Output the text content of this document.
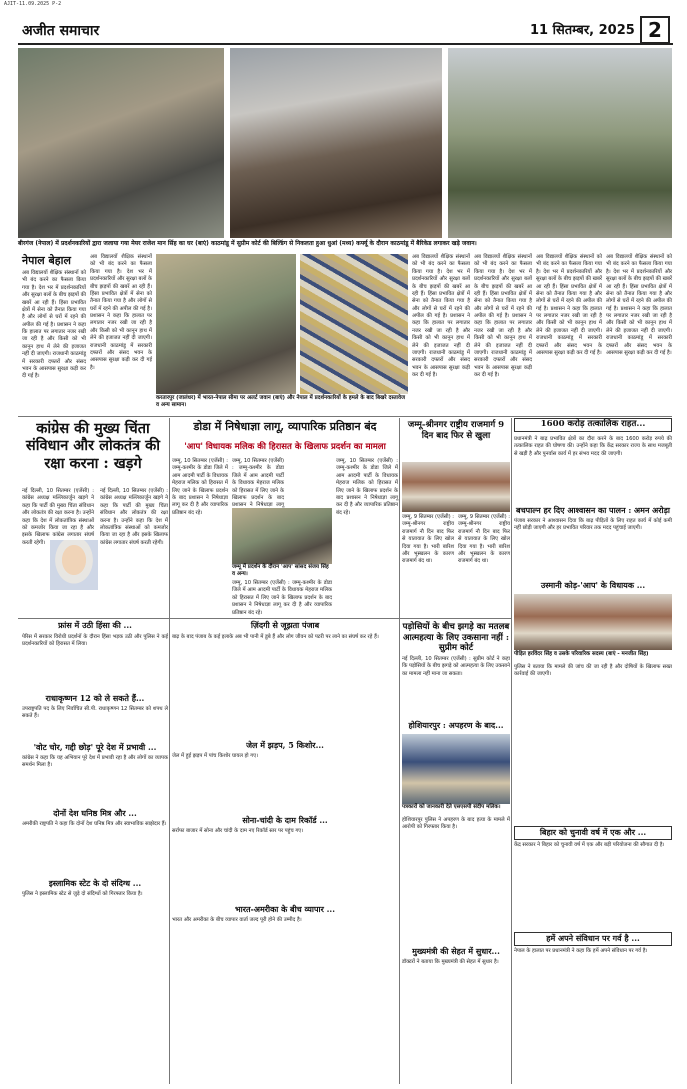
AJIT-11.09.2025 P-2
अजीत समाचार	11 सितम्बर, 2025 2
बीरगंज (नेपाल) में प्रदर्शनकारियों द्वारा जलाया गया मेयर राजेश मान सिंह का घर (बाएं) काठमांडू में सुप्रीम कोर्ट की बिल्डिंग से निकलता हुआ धुआं (मध्य) कर्फ्यू के दौरान काठमांडू में बैरिकेड लगाकर खड़े जवान।
नेपाल बेहाल
अब विद्यालयों शैक्षिक संस्थानों को भी बंद करने का फैसला किया गया है। देश भर में प्रदर्शनकारियों और सुरक्षा बलों के बीच झड़पों की खबरें आ रही हैं। हिंसा प्रभावित क्षेत्रों में सेना को तैनात किया गया है और लोगों से घरों में रहने की अपील की गई है। प्रशासन ने कहा कि हालात पर लगातार नजर रखी जा रही है और किसी को भी कानून हाथ में लेने की इजाजत नहीं दी जाएगी। राजधानी काठमांडू में सरकारी दफ्तरों और संसद भवन के आसपास सुरक्षा कड़ी कर दी गई है।
अब विद्यालयों शैक्षिक संस्थानों को भी बंद करने का फैसला किया गया है। देश भर में प्रदर्शनकारियों और सुरक्षा बलों के बीच झड़पों की खबरें आ रही हैं। हिंसा प्रभावित क्षेत्रों में सेना को तैनात किया गया है और लोगों से घरों में रहने की अपील की गई है। प्रशासन ने कहा कि हालात पर लगातार नजर रखी जा रही है और किसी को भी कानून हाथ में लेने की इजाजत नहीं दी जाएगी। राजधानी काठमांडू में सरकारी दफ्तरों और संसद भवन के आसपास सुरक्षा कड़ी कर दी गई है।
करतारपुर (जालंधर) में भारत-नेपाल सीमा पर अलर्ट जवान (बाएं) और नेपाल में प्रदर्शनकारियों के हमले के बाद बिखरे दस्तावेज व अन्य सामान।
अब विद्यालयों शैक्षिक संस्थानों को भी बंद करने का फैसला किया गया है। देश भर में प्रदर्शनकारियों और सुरक्षा बलों के बीच झड़पों की खबरें आ रही हैं। हिंसा प्रभावित क्षेत्रों में सेना को तैनात किया गया है और लोगों से घरों में रहने की अपील की गई है। प्रशासन ने कहा कि हालात पर लगातार नजर रखी जा रही है और किसी को भी कानून हाथ में लेने की इजाजत नहीं दी जाएगी। राजधानी काठमांडू में सरकारी दफ्तरों और संसद भवन के आसपास सुरक्षा कड़ी कर दी गई है।
अब विद्यालयों शैक्षिक संस्थानों को भी बंद करने का फैसला किया गया है। देश भर में प्रदर्शनकारियों और सुरक्षा बलों के बीच झड़पों की खबरें आ रही हैं। हिंसा प्रभावित क्षेत्रों में सेना को तैनात किया गया है और लोगों से घरों में रहने की अपील की गई है। प्रशासन ने कहा कि हालात पर लगातार नजर रखी जा रही है और किसी को भी कानून हाथ में लेने की इजाजत नहीं दी जाएगी। राजधानी काठमांडू में सरकारी दफ्तरों और संसद भवन के आसपास सुरक्षा कड़ी कर दी गई है।
अब विद्यालयों शैक्षिक संस्थानों को भी बंद करने का फैसला किया गया है। देश भर में प्रदर्शनकारियों और सुरक्षा बलों के बीच झड़पों की खबरें आ रही हैं। हिंसा प्रभावित क्षेत्रों में सेना को तैनात किया गया है और लोगों से घरों में रहने की अपील की गई है। प्रशासन ने कहा कि हालात पर लगातार नजर रखी जा रही है और किसी को भी कानून हाथ में लेने की इजाजत नहीं दी जाएगी। राजधानी काठमांडू में सरकारी दफ्तरों और संसद भवन के आसपास सुरक्षा कड़ी कर दी गई है।
अब विद्यालयों शैक्षिक संस्थानों को भी बंद करने का फैसला किया गया है। देश भर में प्रदर्शनकारियों और सुरक्षा बलों के बीच झड़पों की खबरें आ रही हैं। हिंसा प्रभावित क्षेत्रों में सेना को तैनात किया गया है और लोगों से घरों में रहने की अपील की गई है। प्रशासन ने कहा कि हालात पर लगातार नजर रखी जा रही है और किसी को भी कानून हाथ में लेने की इजाजत नहीं दी जाएगी। राजधानी काठमांडू में सरकारी दफ्तरों और संसद भवन के आसपास सुरक्षा कड़ी कर दी गई है।
कांग्रेस की मुख्य चिंता संविधान और लोकतंत्र की रक्षा करना : खड़गे
नई दिल्ली, 10 सितम्बर (एजेंसी) : कांग्रेस अध्यक्ष मल्लिकार्जुन खड़गे ने कहा कि पार्टी की मुख्य चिंता संविधान और लोकतंत्र की रक्षा करना है। उन्होंने कहा कि देश में लोकतांत्रिक संस्थाओं को कमजोर किया जा रहा है और इसके खिलाफ कांग्रेस लगातार संघर्ष करती रहेगी।
नई दिल्ली, 10 सितम्बर (एजेंसी) : कांग्रेस अध्यक्ष मल्लिकार्जुन खड़गे ने कहा कि पार्टी की मुख्य चिंता संविधान और लोकतंत्र की रक्षा करना है। उन्होंने कहा कि देश में लोकतांत्रिक संस्थाओं को कमजोर किया जा रहा है और इसके खिलाफ कांग्रेस लगातार संघर्ष करती रहेगी।
डोडा में निषेधाज्ञा लागू, व्यापारिक प्रतिष्ठान बंद
'आप' विधायक मलिक की हिरासत के खिलाफ प्रदर्शन का मामला
जम्मू, 10 सितम्बर (एजेंसी) : जम्मू-कश्मीर के डोडा जिले में आम आदमी पार्टी के विधायक मेहराज मलिक को हिरासत में लिए जाने के खिलाफ प्रदर्शन के बाद प्रशासन ने निषेधाज्ञा लागू कर दी है और व्यापारिक प्रतिष्ठान बंद रहे।
जम्मू, 10 सितम्बर (एजेंसी) : जम्मू-कश्मीर के डोडा जिले में आम आदमी पार्टी के विधायक मेहराज मलिक को हिरासत में लिए जाने के खिलाफ प्रदर्शन के बाद प्रशासन ने निषेधाज्ञा लागू
जम्मू में प्रदर्शन के दौरान 'आप' सांसद संजय सिंह व अन्य।
जम्मू, 10 सितम्बर (एजेंसी) : जम्मू-कश्मीर के डोडा जिले में आम आदमी पार्टी के विधायक मेहराज मलिक को हिरासत में लिए जाने के खिलाफ प्रदर्शन के बाद प्रशासन ने निषेधाज्ञा लागू कर दी है और व्यापारिक प्रतिष्ठान बंद रहे।
जम्मू, 10 सितम्बर (एजेंसी) : जम्मू-कश्मीर के डोडा जिले में आम आदमी पार्टी के विधायक मेहराज मलिक को हिरासत में लिए जाने के खिलाफ प्रदर्शन के बाद प्रशासन ने निषेधाज्ञा लागू कर दी है और व्यापारिक प्रतिष्ठान बंद रहे।
जम्मू-श्रीनगर राष्ट्रीय राजमार्ग 9 दिन बाद फिर से खुला
जम्मू, 9 सितम्बर (एजेंसी) : जम्मू-श्रीनगर राष्ट्रीय राजमार्ग नौ दिन बाद फिर से यातायात के लिए खोल दिया गया है। भारी बारिश और भूस्खलन के कारण राजमार्ग बंद था।
जम्मू, 9 सितम्बर (एजेंसी) : जम्मू-श्रीनगर राष्ट्रीय राजमार्ग नौ दिन बाद फिर से यातायात के लिए खोल दिया गया है। भारी बारिश और भूस्खलन के कारण राजमार्ग बंद था।
1600 करोड़ तत्कालिक राहत...
प्रधानमंत्री ने बाढ़ प्रभावित क्षेत्रों का दौरा करने के बाद 1600 करोड़ रुपये की तत्कालिक राहत की घोषणा की। उन्होंने कहा कि केंद्र सरकार राज्य के साथ मजबूती से खड़ी है और पुनर्वास कार्य में हर संभव मदद की जाएगी।
बचपाल्न हर दिए आश्वासन का पालन : अमन अरोड़ा
पंजाब सरकार ने आश्वासन दिया कि बाढ़ पीड़ितों के लिए राहत कार्य में कोई कमी नहीं छोड़ी जाएगी और हर प्रभावित परिवार तक मदद पहुंचाई जाएगी।
उस्मानी कोड़-'आप' के विधायक ...
पीड़ित हरविंदर सिंह व उसके परिवारिक सदस्य (बाएं - मनजीत सिंह)
पुलिस ने बताया कि मामले की जांच की जा रही है और दोषियों के खिलाफ सख्त कार्रवाई की जाएगी।
फ्रांस में उठी हिंसा की ...
पेरिस में सरकार विरोधी प्रदर्शनों के दौरान हिंसा भड़क उठी और पुलिस ने कई प्रदर्शनकारियों को हिरासत में लिया।
राधाकृष्णन 12 को ले सकते हैं...
उपराष्ट्रपति पद के लिए निर्वाचित सी.पी. राधाकृष्णन 12 सितम्बर को शपथ ले सकते हैं।
'वोट चोर, गद्दी छोड़' पूरे देश में प्रभावी ...
कांग्रेस ने कहा कि यह अभियान पूरे देश में प्रभावी रहा है और लोगों का व्यापक समर्थन मिला है।
दोनों देश घनिष्ठ मित्र और ...
अमरीकी राष्ट्रपति ने कहा कि दोनों देश घनिष्ठ मित्र और स्वाभाविक साझेदार हैं।
इस्लामिक स्टेट के दो संदिग्ध ...
पुलिस ने इस्लामिक स्टेट से जुड़े दो संदिग्धों को गिरफ्तार किया है।
ज़िंदगी से जूझता पंजाब
बाढ़ के बाद पंजाब के कई इलाके अब भी पानी में डूबे हैं और लोग जीवन को पटरी पर लाने का संघर्ष कर रहे हैं।
जेल में झड़प, 5 किशोर...
जेल में हुई झड़प में पांच किशोर घायल हो गए।
सोना-चांदी के दाम रिकॉर्ड ...
सर्राफा बाजार में सोना और चांदी के दाम नए रिकॉर्ड स्तर पर पहुंच गए।
भारत-अमरीका के बीच व्यापार ...
भारत और अमरीका के बीच व्यापार वार्ता जल्द पूरी होने की उम्मीद है।
पड़ोसियों के बीच झगड़े का मतलब आत्महत्या के लिए उकसाना नहीं : सुप्रीम कोर्ट
नई दिल्ली, 10 सितम्बर (एजेंसी) : सुप्रीम कोर्ट ने कहा कि पड़ोसियों के बीच झगड़े को आत्महत्या के लिए उकसाने का मामला नहीं माना जा सकता।
होशियारपुर : अपहरण के बाद...
पत्रकारों को जानकारी देते एसएसपी संदीप मलिक।
होशियारपुर पुलिस ने अपहरण के बाद हत्या के मामले में आरोपी को गिरफ्तार किया है।
मुख्यमंत्री की सेहत में सुधार...
डॉक्टरों ने बताया कि मुख्यमंत्री की सेहत में सुधार है।
बिहार को चुनावी वर्ष में एक और ...
केंद्र सरकार ने बिहार को चुनावी वर्ष में एक और बड़ी परियोजना की सौगात दी है।
हमें अपने संविधान पर गर्व है ...
नेपाल के हालात पर प्रधानमंत्री ने कहा कि हमें अपने संविधान पर गर्व है।
